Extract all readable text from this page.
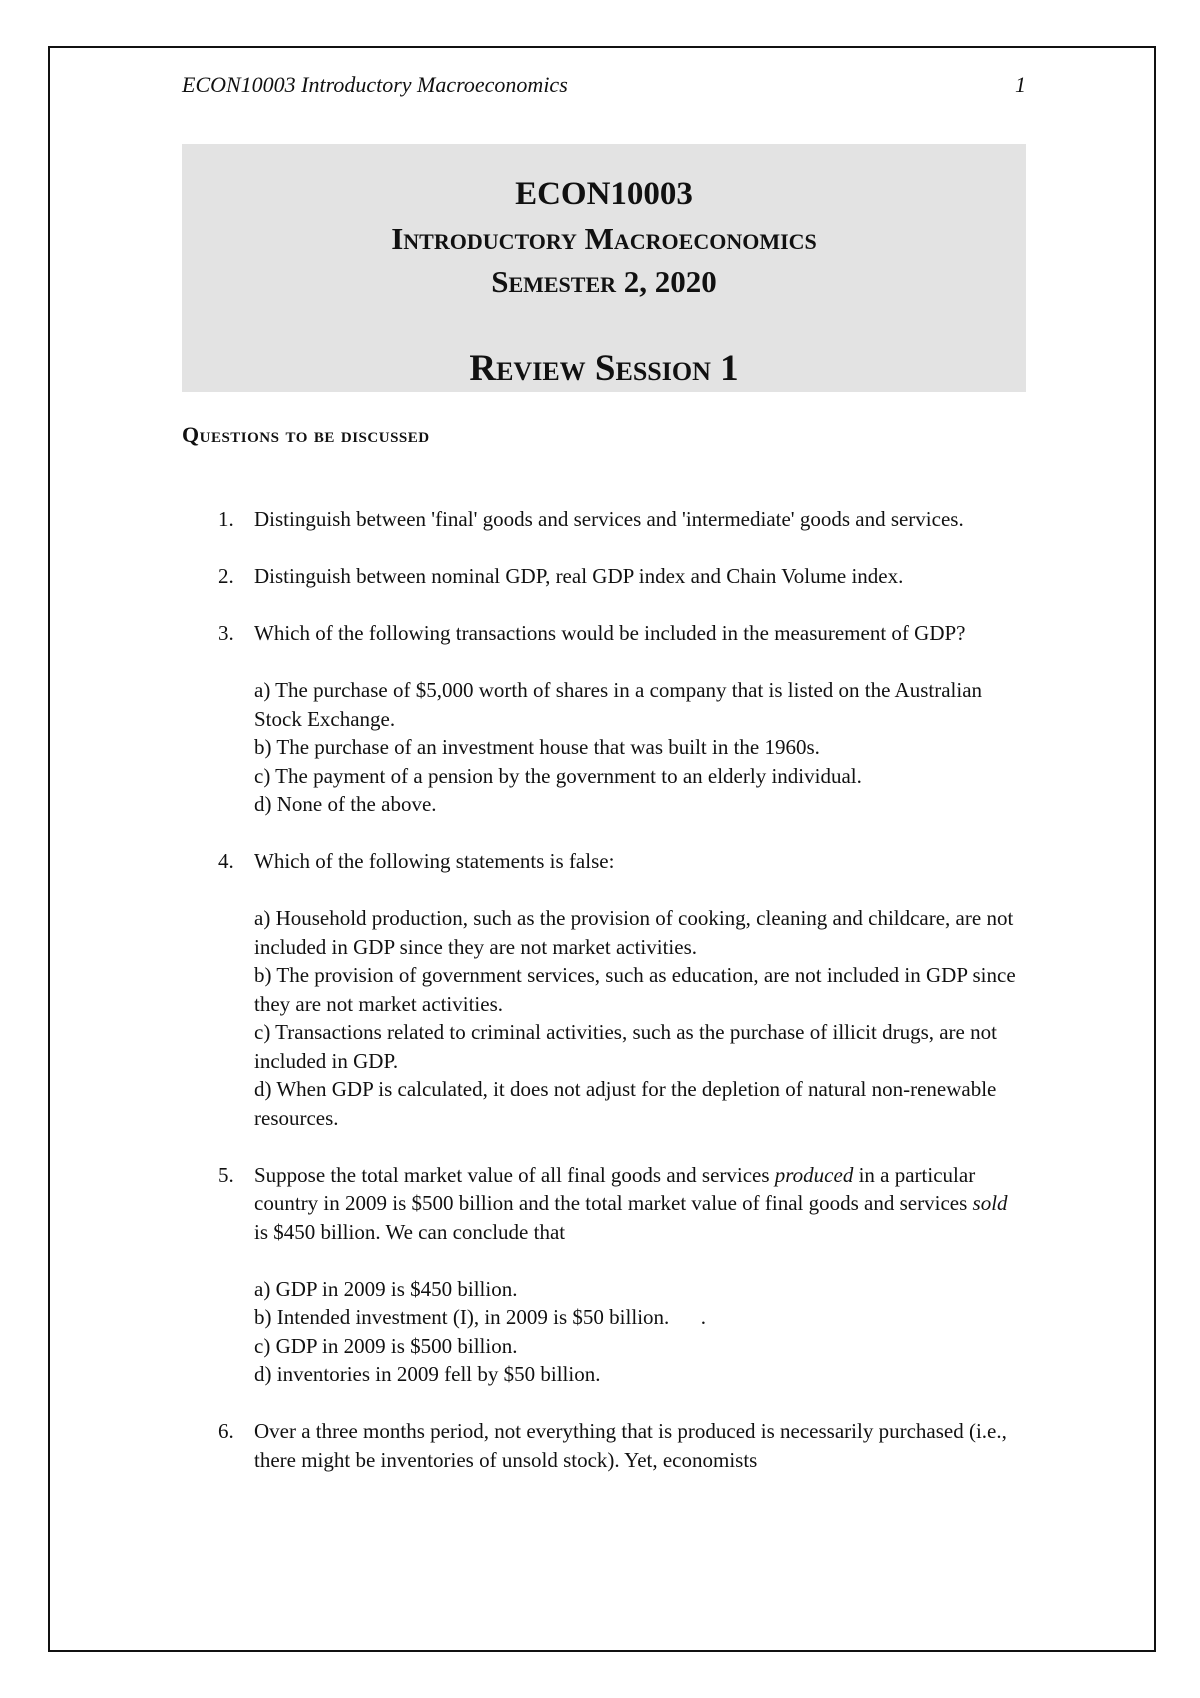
ECON10003 Introductory Macroeconomics	1
ECON10003
Introductory Macroeconomics
Semester 2, 2020
Review Session 1
Questions to be discussed
1. Distinguish between 'final' goods and services and 'intermediate' goods and services.
2. Distinguish between nominal GDP, real GDP index and Chain Volume index.
3. Which of the following transactions would be included in the measurement of GDP?
a) The purchase of $5,000 worth of shares in a company that is listed on the Australian Stock Exchange.
b) The purchase of an investment house that was built in the 1960s.
c) The payment of a pension by the government to an elderly individual.
d) None of the above.
4. Which of the following statements is false:
a) Household production, such as the provision of cooking, cleaning and childcare, are not included in GDP since they are not market activities.
b) The provision of government services, such as education, are not included in GDP since they are not market activities.
c) Transactions related to criminal activities, such as the purchase of illicit drugs, are not included in GDP.
d) When GDP is calculated, it does not adjust for the depletion of natural non-renewable resources.
5. Suppose the total market value of all final goods and services produced in a particular country in 2009 is $500 billion and the total market value of final goods and services sold is $450 billion. We can conclude that
a) GDP in 2009 is $450 billion.
b) Intended investment (I), in 2009 is $50 billion.      .
c) GDP in 2009 is $500 billion.
d) inventories in 2009 fell by $50 billion.
6. Over a three months period, not everything that is produced is necessarily purchased (i.e., there might be inventories of unsold stock). Yet, economists
